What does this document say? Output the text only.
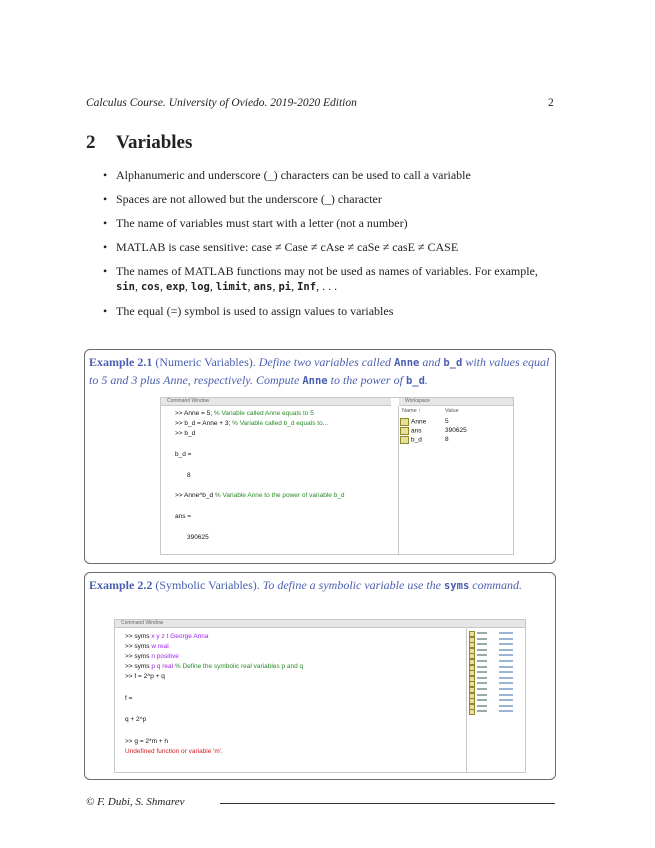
Calculus Course. University of Oviedo. 2019-2020 Edition	2
2 Variables
• Alphanumeric and underscore (_) characters can be used to call a variable
• Spaces are not allowed but the underscore (_) character
• The name of variables must start with a letter (not a number)
• MATLAB is case sensitive: case ≠ Case ≠ cAse ≠ caSe ≠ casE ≠ CASE
• The names of MATLAB functions may not be used as names of variables. For example, sin, cos, exp, log, limit, ans, pi, Inf, . . .
• The equal (=) symbol is used to assign values to variables
Example 2.1 (Numeric Variables). Define two variables called Anne and b_d with values equal to 5 and 3 plus Anne, respectively. Compute Anne to the power of b_d.
Command Window	Workspace
>> Anne = 5; % Variable called Anne equals to 5
>> b_d = Anne + 3; % Variable called b_d equals to...
>> b_d
b_d =
8
>> Anne^b_d % Variable Anne to the power of variable b_d
ans =
390625
Name ↑	Value
Anne	5
ans	390625
b_d	8
Example 2.2 (Symbolic Variables). To define a symbolic variable use the syms command.
Command Window
>> syms x y z t George Anna
>> syms w real
>> syms n positive
>> syms p q real % Define the symbolic real variables p and q
>> f = 2^p + q
f =
q + 2^p
>> g = 2*m + h
Undefined function or variable 'm'.
© F. Dubi, S. Shmarev
